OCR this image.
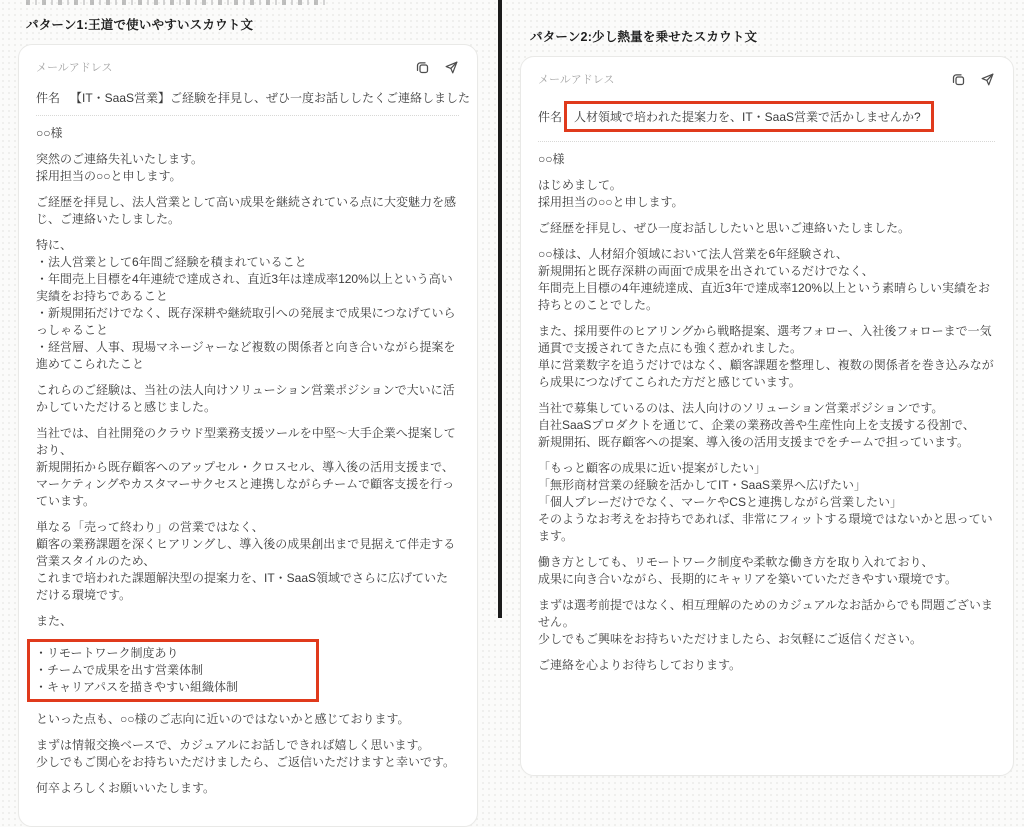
パターン1:王道で使いやすいスカウト文
メールアドレス
件名 【IT・SaaS営業】ご経験を拝見し、ぜひ一度お話ししたくご連絡しました
○○様
突然のご連絡失礼いたします。
採用担当の○○と申します。
ご経歴を拝見し、法人営業として高い成果を継続されている点に大変魅力を感じ、ご連絡いたしました。
特に、
・法人営業として6年間ご経験を積まれていること
・年間売上目標を4年連続で達成され、直近3年は達成率120%以上という高い実績をお持ちであること
・新規開拓だけでなく、既存深耕や継続取引への発展まで成果につなげていらっしゃること
・経営層、人事、現場マネージャーなど複数の関係者と向き合いながら提案を進めてこられたこと
これらのご経験は、当社の法人向けソリューション営業ポジションで大いに活かしていただけると感じました。
当社では、自社開発のクラウド型業務支援ツールを中堅〜大手企業へ提案しており、
新規開拓から既存顧客へのアップセル・クロスセル、導入後の活用支援まで、
マーケティングやカスタマーサクセスと連携しながらチームで顧客支援を行っています。
単なる「売って終わり」の営業ではなく、
顧客の業務課題を深くヒアリングし、導入後の成果創出まで見据えて伴走する営業スタイルのため、
これまで培われた課題解決型の提案力を、IT・SaaS領域でさらに広げていただける環境です。
また、
・リモートワーク制度あり
・チームで成果を出す営業体制
・キャリアパスを描きやすい組織体制
といった点も、○○様のご志向に近いのではないかと感じております。
まずは情報交換ベースで、カジュアルにお話しできれば嬉しく思います。
少しでもご関心をお持ちいただけましたら、ご返信いただけますと幸いです。
何卒よろしくお願いいたします。
パターン2:少し熱量を乗せたスカウト文
メールアドレス
件名	人材領域で培われた提案力を、IT・SaaS営業で活かしませんか?
○○様
はじめまして。
採用担当の○○と申します。
ご経歴を拝見し、ぜひ一度お話ししたいと思いご連絡いたしました。
○○様は、人材紹介領域において法人営業を6年経験され、
新規開拓と既存深耕の両面で成果を出されているだけでなく、
年間売上目標の4年連続達成、直近3年で達成率120%以上という素晴らしい実績をお持ちとのことでした。
また、採用要件のヒアリングから戦略提案、選考フォロー、入社後フォローまで一気通貫で支援されてきた点にも強く惹かれました。
単に営業数字を追うだけではなく、顧客課題を整理し、複数の関係者を巻き込みながら成果につなげてこられた方だと感じています。
当社で募集しているのは、法人向けのソリューション営業ポジションです。
自社SaaSプロダクトを通じて、企業の業務改善や生産性向上を支援する役割で、
新規開拓、既存顧客への提案、導入後の活用支援までをチームで担っています。
「もっと顧客の成果に近い提案がしたい」
「無形商材営業の経験を活かしてIT・SaaS業界へ広げたい」
「個人プレーだけでなく、マーケやCSと連携しながら営業したい」
そのようなお考えをお持ちであれば、非常にフィットする環境ではないかと思っています。
働き方としても、リモートワーク制度や柔軟な働き方を取り入れており、
成果に向き合いながら、長期的にキャリアを築いていただきやすい環境です。
まずは選考前提ではなく、相互理解のためのカジュアルなお話からでも問題ございません。
少しでもご興味をお持ちいただけましたら、お気軽にご返信ください。
ご連絡を心よりお待ちしております。
